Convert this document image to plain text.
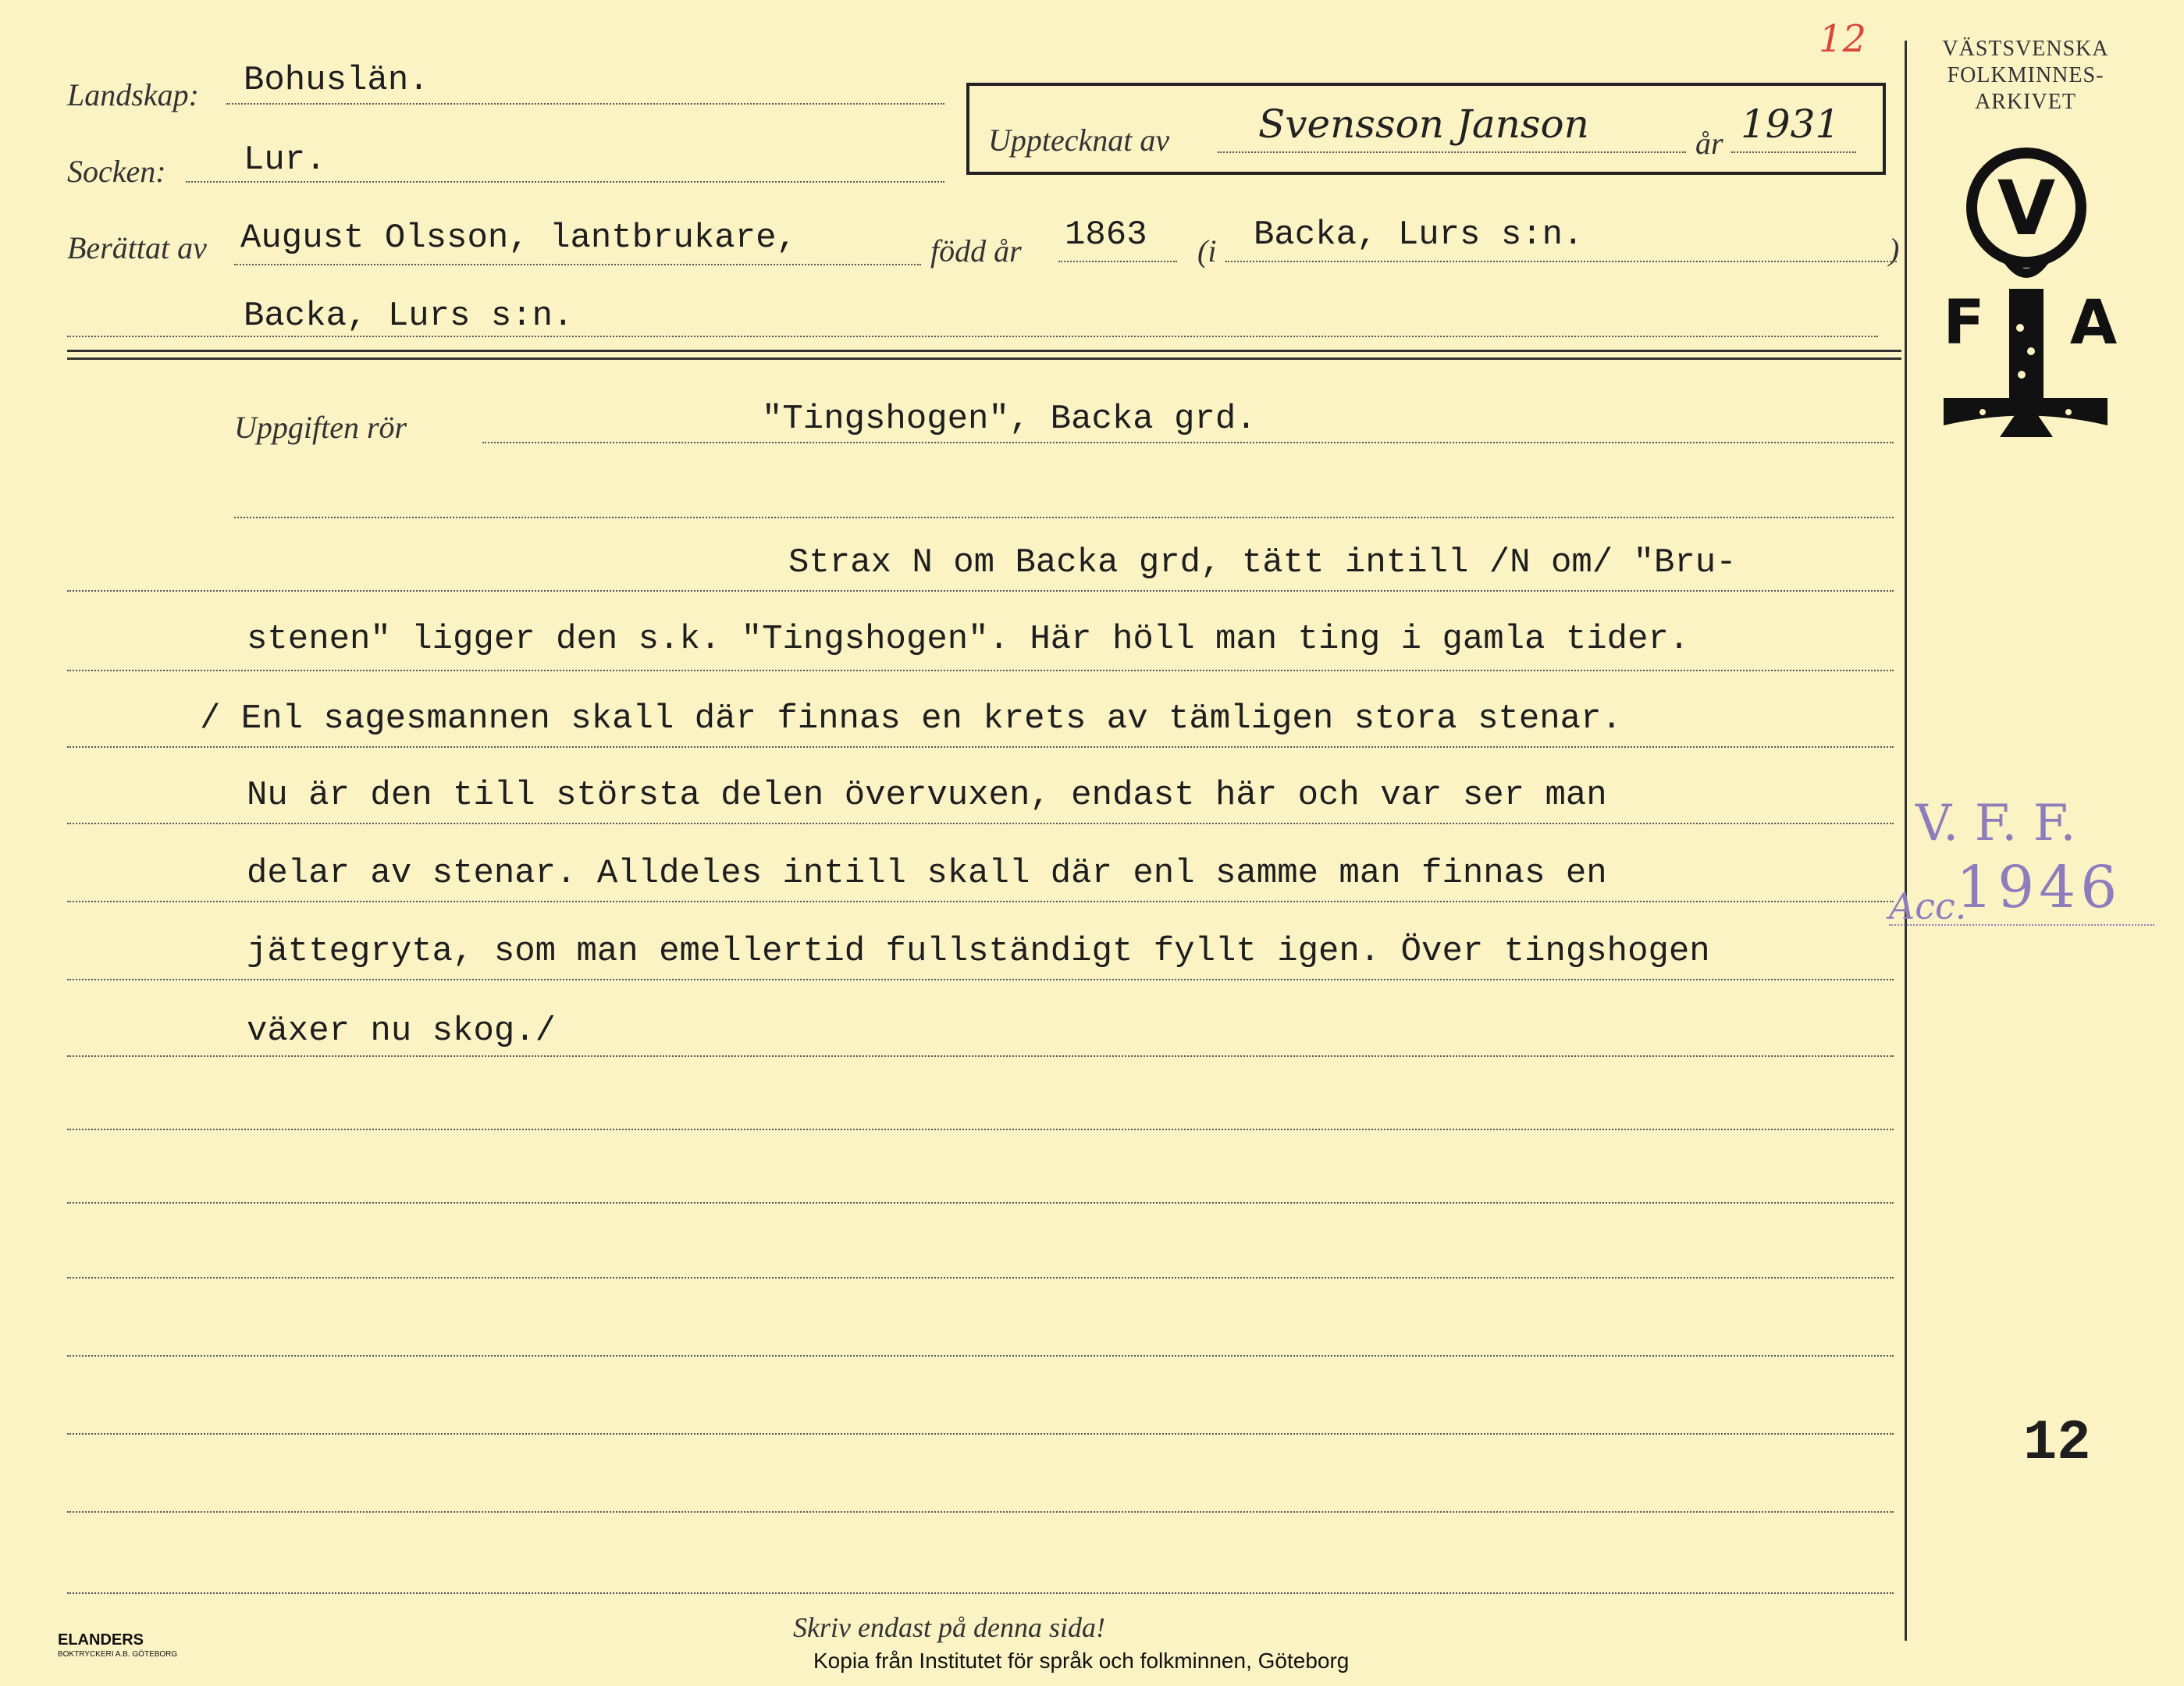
12
Landskap: Bohuslän.
Socken: Lur.
Uppteckn​at av Svensson Janson	år 1931
Berättat av August Olsson, lantbrukare,	född år 1863 (i Backa, Lurs s:n.	)
Backa, Lurs s:n.
Uppgiften rör	"Tingshogen", Backa grd.
Strax N om Backa grd, tätt intill /N om/ "Bru-
stenen" ligger den s.k. "Tingshogen". Här höll man ting i gamla tider.
/ Enl sagesmannen skall där finnas en krets av tämligen stora stenar.
Nu är den till största delen övervuxen, endast här och var ser man
delar av stenar. Alldeles intill skall där enl samme man finnas en
jättegryta, som man emellertid fullständigt fyllt igen. Över tingshogen
växer nu skog./
Skriv endast på denna sida!
Kopia från Institutet för språk och folkminnen, Göteborg
ELANDERS
BOKTRYCKERI A.B. GÖTEBORG
VÄSTSVENSKA
FOLKMINNES-
ARKIVET
V
F A
V. F. F.
Acc.
1946
12
